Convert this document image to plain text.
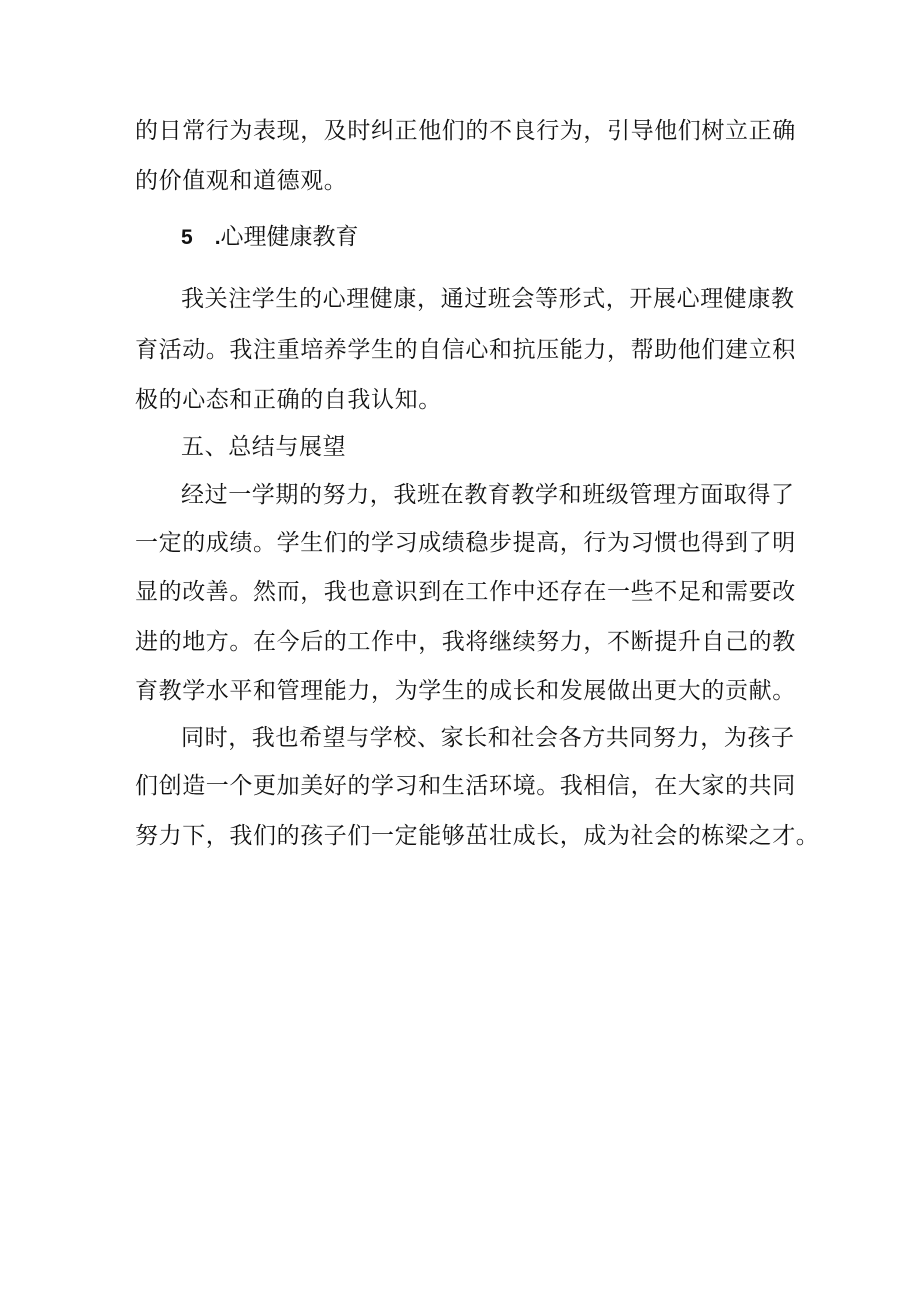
的日常行为表现，及时纠正他们的不良行为，引导他们树立正确
的价值观和道德观。
5 .心理健康教育
我关注学生的心理健康，通过班会等形式，开展心理健康教
育活动。我注重培养学生的自信心和抗压能力，帮助他们建立积
极的心态和正确的自我认知。
五、总结与展望
经过一学期的努力，我班在教育教学和班级管理方面取得了
一定的成绩。学生们的学习成绩稳步提高，行为习惯也得到了明
显的改善。然而，我也意识到在工作中还存在一些不足和需要改
进的地方。在今后的工作中，我将继续努力，不断提升自己的教
育教学水平和管理能力，为学生的成长和发展做出更大的贡献。
同时，我也希望与学校、家长和社会各方共同努力，为孩子
们创造一个更加美好的学习和生活环境。我相信，在大家的共同
努力下，我们的孩子们一定能够茁壮成长，成为社会的栋梁之才。
